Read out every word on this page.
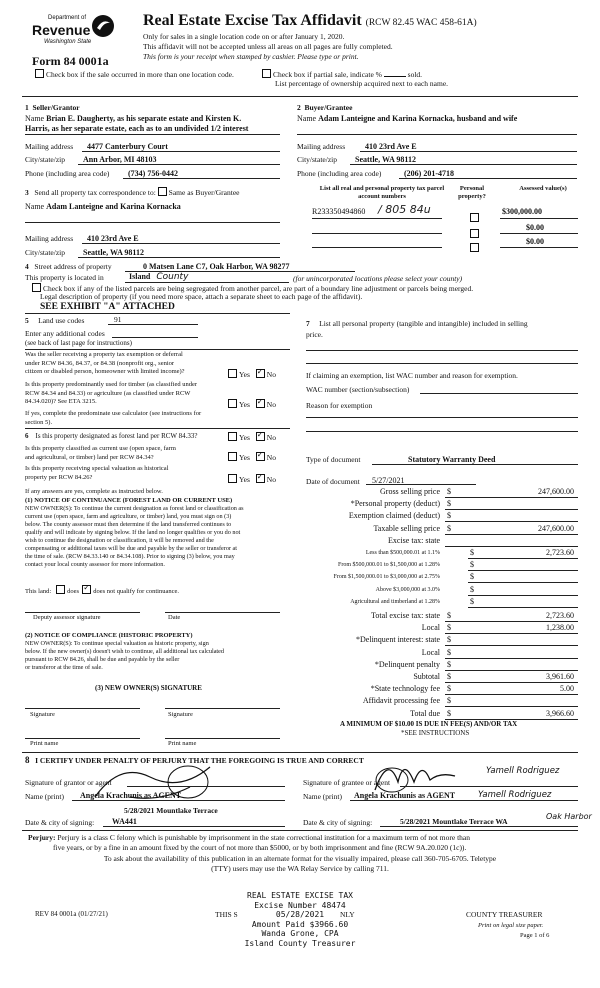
Department of
Revenue
Washington State
Form 84 0001a
Real Estate Excise Tax Affidavit (RCW 82.45 WAC 458-61A)
Only for sales in a single location code on or after January 1, 2020.
This affidavit will not be accepted unless all areas on all pages are fully completed.
This form is your receipt when stamped by cashier. Please type or print.
Check box if the sale occurred in more than one location code.	Check box if partial sale, indicate %	sold.
List percentage of ownership acquired next to each name.
1 Seller/Grantor
Name Brian E. Daugherty, as his separate estate and Kirsten K.
Harris, as her separate estate, each as to an undivided 1/2 interest
Mailing address 4477 Canterbury Court
City/state/zip Ann Arbor, MI 48103
Phone (including area code) (734) 756-0442
2 Buyer/Grantee
Name Adam Lanteigne and Karina Kornacka, husband and wife
Mailing address 410 23rd Ave E
City/state/zip Seattle, WA 98112
Phone (including area code)	(206) 201-4718
3 Send all property tax correspondence to: Same as Buyer/Grantee
Name Adam Lanteigne and Karina Kornacka
Mailing address 410 23rd Ave E
City/state/zip Seattle, WA 98112
List all real and personal property tax parcel account numbers
Personal property?
Assessed value(s)
R233350494860 / 805 84u	$300,000.00
$0.00
$0.00
4 Street address of property	0 Matsen Lane C7, Oak Harbor, WA 98277
This property is located in	Island County	(for unincorporated locations please select your county)
Check box if any of the listed parcels are being segregated from another parcel, are part of a boundary line adjustment or parcels being merged.
Legal description of property (if you need more space, attach a separate sheet to each page of the affidavit).
SEE EXHIBIT "A" ATTACHED
5 Land use codes	91
Enter any additional codes
(see back of last page for instructions)
Was the seller receiving a property tax exemption or deferral
under RCW 84.36, 84.37, or 84.38 (nonprofit org., senior
citizen or disabled person, homeowner with limited income)?	Yes ✓ No
Is this property predominantly used for timber (as classified under
RCW 84.34 and 84.33) or agriculture (as classified under RCW
84.34.020)? See ETA 3215.	Yes ✓ No
If yes, complete the predominate use calculator (see instructions for
section 5).
6 Is this property designated as forest land per RCW 84.33?	Yes ✓ No
Is this property classified as current use (open space, farm
and agricultural, or timber) land per RCW 84.34?	Yes ✓ No
Is this property receiving special valuation as historical
property per RCW 84.26?	Yes ✓ No
If any answers are yes, complete as instructed below.
(1) NOTICE OF CONTINUANCE (FOREST LAND OR CURRENT USE)
NEW OWNER(S): To continue the current designation as forest land or classification as
current use (open space, farm and agriculture, or timber) land, you must sign on (3)
below. The county assessor must then determine if the land transferred continues to
qualify and will indicate by signing below. If the land no longer qualifies or you do not
wish to continue the designation or classification, it will be removed and the
compensating or additional taxes will be due and payable by the seller or transferor at
the time of sale. (RCW 84.33.140 or 84.34.108). Prior to signing (3) below, you may
contact your local county assessor for more information.
This land: does ✓ does not qualify for continuance.
Deputy assessor signature	Date
(2) NOTICE OF COMPLIANCE (HISTORIC PROPERTY)
NEW OWNER(S): To continue special valuation as historic property, sign
below. If the new owner(s) doesn't wish to continue, all additional tax calculated
pursuant to RCW 84.26, shall be due and payable by the seller
or transferor at the time of sale.
(3) NEW OWNER(S) SIGNATURE
Signature	Signature
Print name	Print name
7 List all personal property (tangible and intangible) included in selling
price.
If claiming an exemption, list WAC number and reason for exemption.
WAC number (section/subsection)
Reason for exemption
Type of document	Statutory Warranty Deed
Date of document 5/27/2021
Gross selling price $	247,600.00
*Personal property (deduct) $
Exemption claimed (deduct) $
Taxable selling price $	247,600.00
Excise tax: state
Less than $500,000.01 at 1.1%	$	2,723.60
From $500,000.01 to $1,500,000 at 1.28%	$
From $1,500,000.01 to $3,000,000 at 2.75%	$
Above $3,000,000 at 3.0%	$
Agricultural and timberland at 1.28%	$
Total excise tax: state $	2,723.60
Local $	1,238.00
*Delinquent interest: state $
Local $
*Delinquent penalty $
Subtotal $	3,961.60
*State technology fee $	5.00
Affidavit processing fee $
Total due $	3,966.60
A MINIMUM OF $10.00 IS DUE IN FEE(S) AND/OR TAX
*SEE INSTRUCTIONS
8 I CERTIFY UNDER PENALTY OF PERJURY THAT THE FOREGOING IS TRUE AND CORRECT
Signature of grantor or agent
Name (print) Angela Krachunis as AGENT
5/28/2021 Mountlake Terrace
Date & city of signing: WA441
Yamell Rodriguez
Signature of grantee or agent
Name (print) Angela Krachunis as AGENT	Yamell Rodriguez
Date & city of signing:	5/28/2021 Mountlake Terrace WA
Oak Harbor
Perjury: Perjury is a class C felony which is punishable by imprisonment in the state correctional institution for a maximum term of not more than
five years, or by a fine in an amount fixed by the court of not more than $5000, or by both imprisonment and fine (RCW 9A.20.020 (1c)).
To ask about the availability of this publication in an alternate format for the visually impaired, please call 360-705-6705. Teletype
(TTY) users may use the WA Relay Service by calling 711.
REV 84 0001a (01/27/21)	THIS S	NLY
REAL ESTATE EXCISE TAX
Excise Number 48474
05/28/2021
Amount Paid $3966.60
Wanda Grone, CPA
Island County Treasurer
COUNTY TREASURER
Print on legal size paper.
Page 1 of 6
